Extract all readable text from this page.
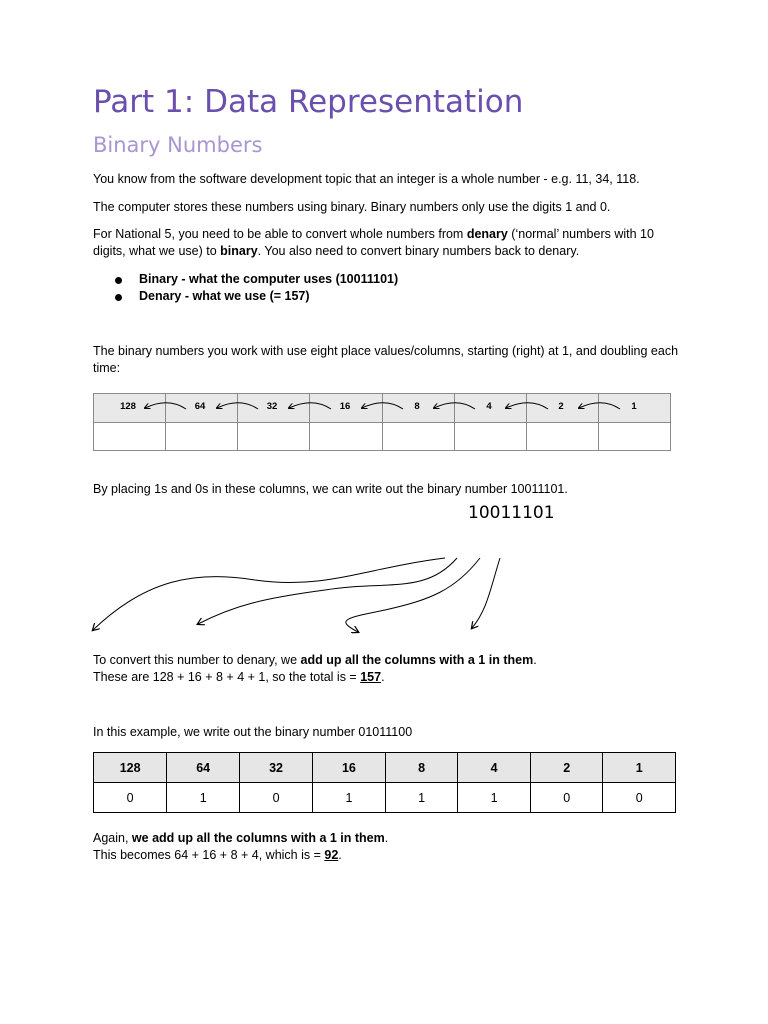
Part 1: Data Representation
Binary Numbers
You know from the software development topic that an integer is a whole number - e.g. 11, 34, 118.
The computer stores these numbers using binary. Binary numbers only use the digits 1 and 0.
For National 5, you need to be able to convert whole numbers from denary (‘normal’ numbers with 10 digits, what we use) to binary. You also need to convert binary numbers back to denary.
Binary - what the computer uses (10011101)
Denary - what we use (= 157)
The binary numbers you work with use eight place values/columns, starting (right) at 1, and doubling each time:

128	64	32	16	8	4	2	1
By placing 1s and 0s in these columns, we can write out the binary number 10011101.
10011101
To convert this number to denary, we add up all the columns with a 1 in them.
These are 128 + 16 + 8 + 4 + 1, so the total is = 157.
In this example, we write out the binary number 01011100
128	64	32	16	8	4	2	1
0	1	0	1	1	1	0	0
Again, we add up all the columns with a 1 in them.
This becomes 64 + 16 + 8 + 4, which is = 92.
